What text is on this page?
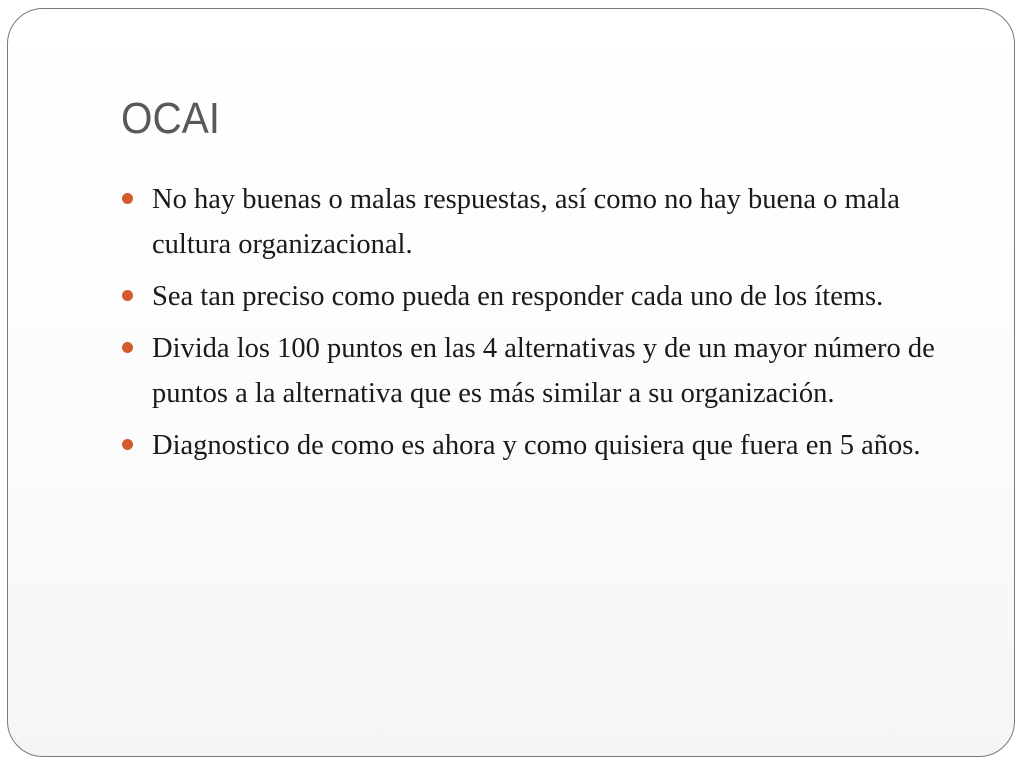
OCAI
No hay buenas o malas respuestas, así como no hay buena o mala cultura organizacional.
Sea tan preciso como pueda en responder cada uno de los ítems.
Divida los 100 puntos en las 4 alternativas y de un mayor número de puntos a la alternativa que es más similar a su organización.
Diagnostico de como es ahora y como quisiera que fuera en 5 años.
